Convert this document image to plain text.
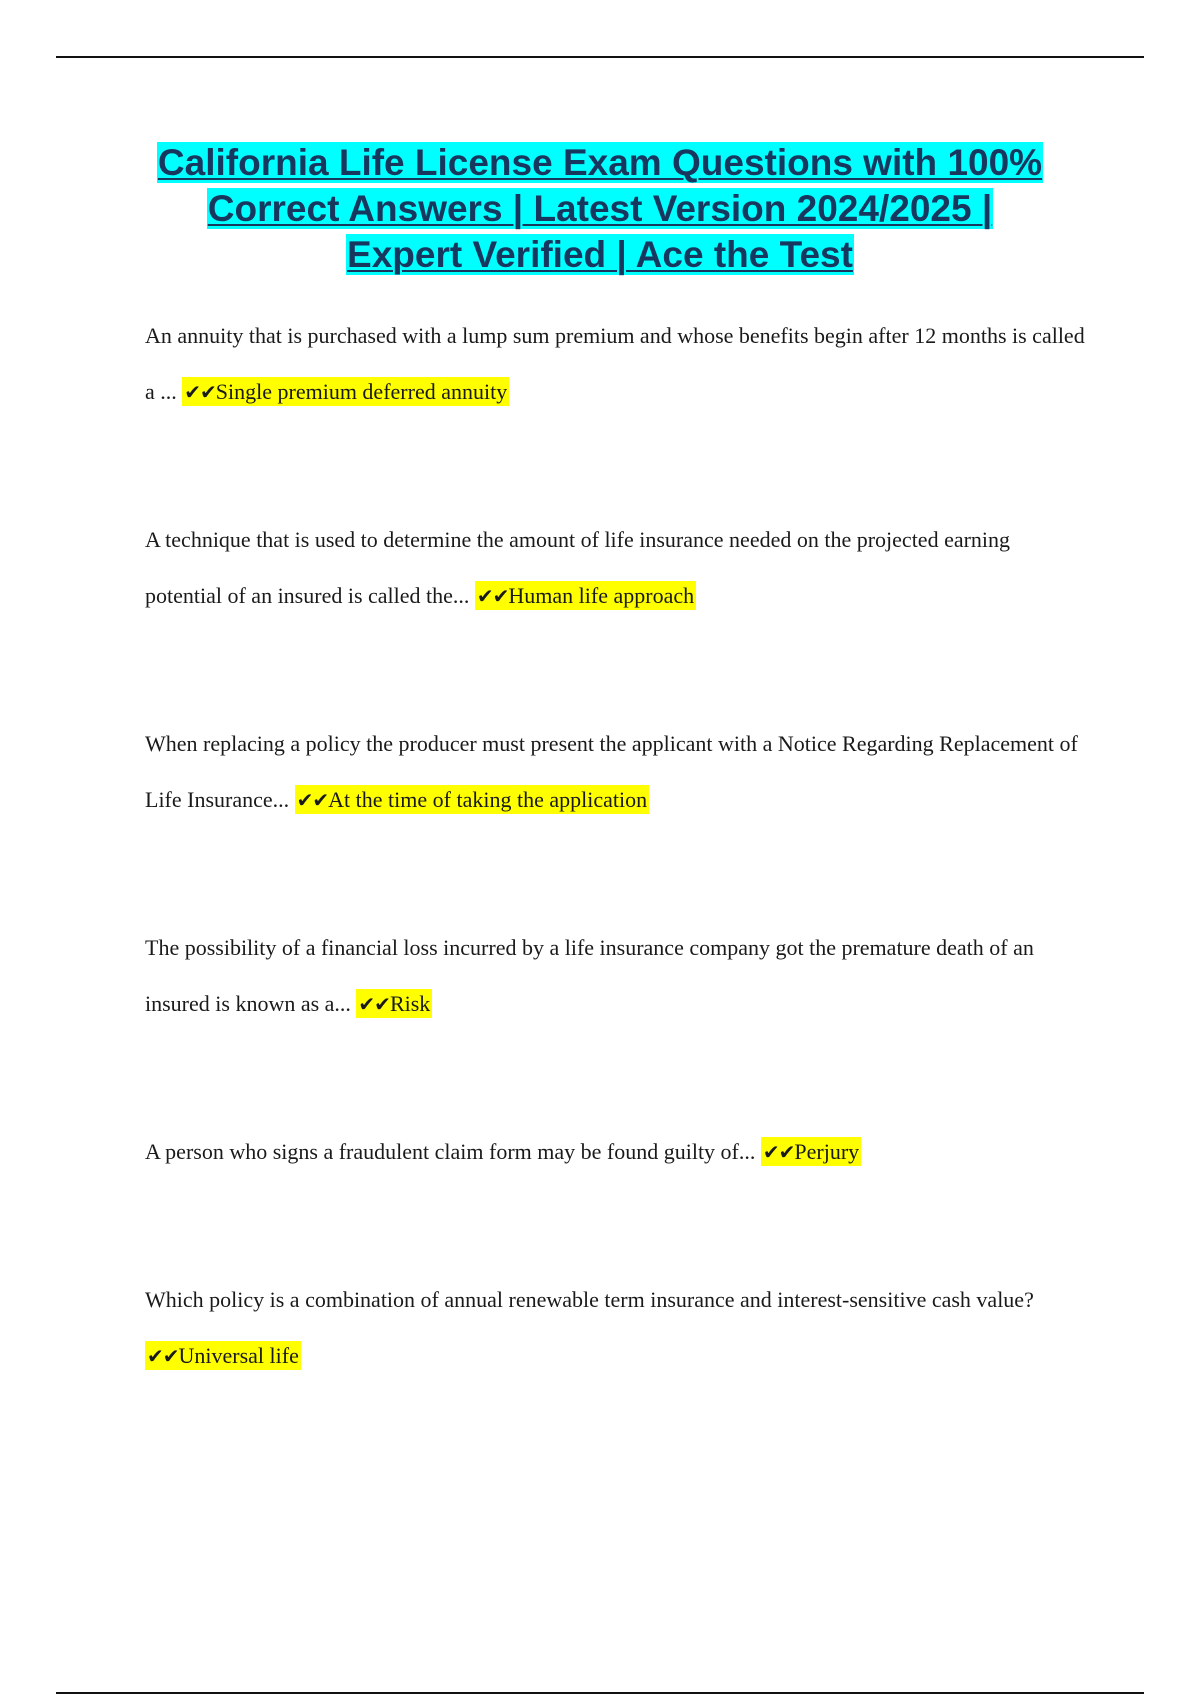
California Life License Exam Questions with 100% Correct Answers | Latest Version 2024/2025 | Expert Verified | Ace the Test

An annuity that is purchased with a lump sum premium and whose benefits begin after 12 months is called a ... ✔✔Single premium deferred annuity

A technique that is used to determine the amount of life insurance needed on the projected earning potential of an insured is called the... ✔✔Human life approach

When replacing a policy the producer must present the applicant with a Notice Regarding Replacement of Life Insurance... ✔✔At the time of taking the application

The possibility of a financial loss incurred by a life insurance company got the premature death of an insured is known as a... ✔✔Risk

A person who signs a fraudulent claim form may be found guilty of... ✔✔Perjury

Which policy is a combination of annual renewable term insurance and interest-sensitive cash value? ✔✔Universal life
